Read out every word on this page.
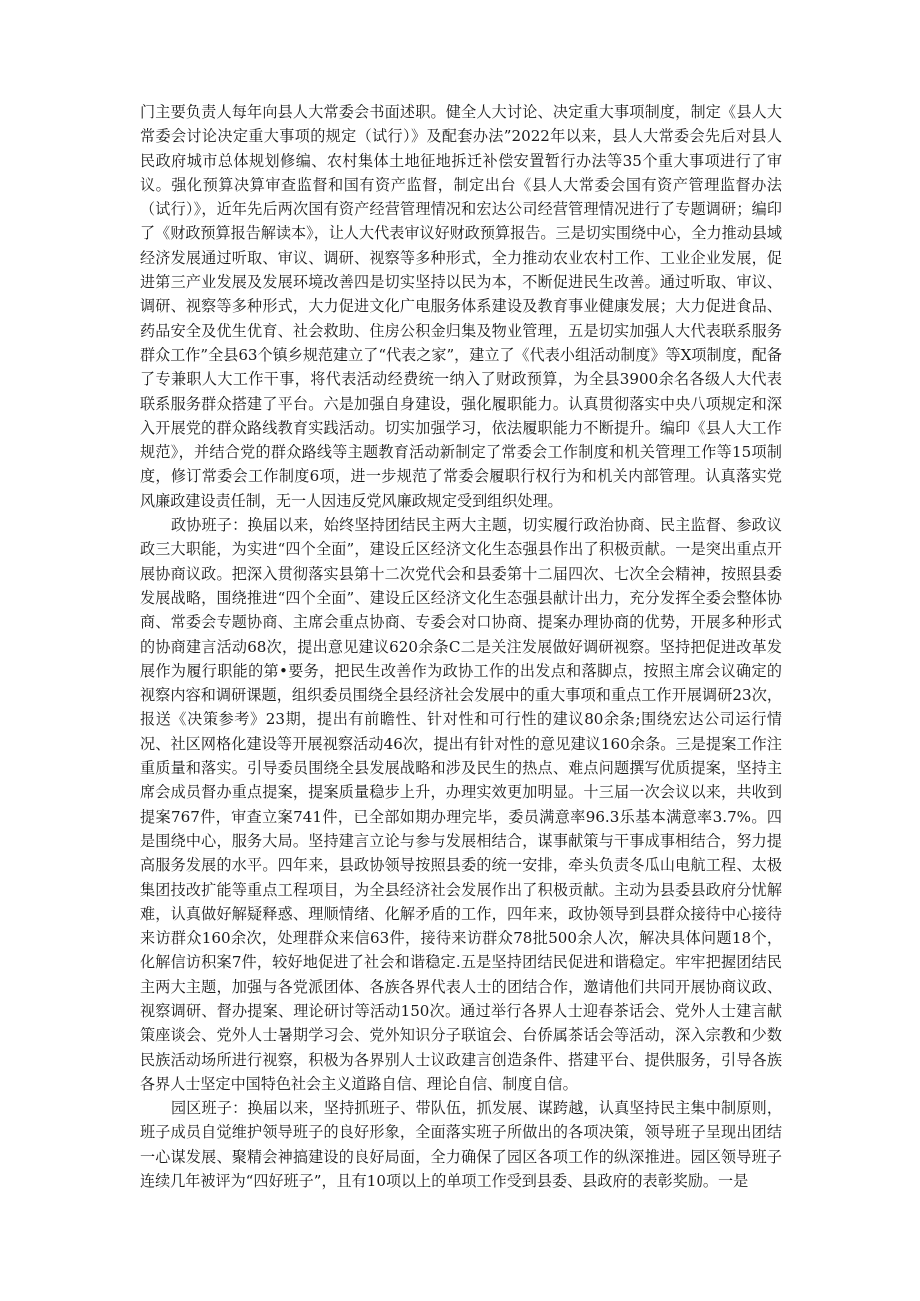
门主要负责人每年向县人大常委会书面述职。健全人大讨论、决定重大事项制度，制定《县人大常委会讨论决定重大事项的规定（试行）》及配套办法”2022年以来，县人大常委会先后对县人民政府城市总体规划修编、农村集体土地征地拆迁补偿安置暂行办法等35个重大事项进行了审议。强化预算决算审查监督和国有资产监督，制定出台《县人大常委会国有资产管理监督办法（试行）》，近年先后两次国有资产经营管理情况和宏达公司经营管理情况进行了专题调研；编印了《财政预算报告解读本》，让人大代表审议好财政预算报告。三是切实围绕中心，全力推动县域经济发展通过听取、审议、调研、视察等多种形式，全力推动农业农村工作、工业企业发展，促进第三产业发展及发展环境改善四是切实坚持以民为本，不断促进民生改善。通过听取、审议、调研、视察等多种形式，大力促进文化广电服务体系建设及教育事业健康发展；大力促进食品、药品安全及优生优育、社会救助、住房公积金归集及物业管理，五是切实加强人大代表联系服务群众工作”全县63个镇乡规范建立了“代表之家”，建立了《代表小组活动制度》等X项制度，配备了专兼职人大工作干事，将代表活动经费统一纳入了财政预算，为全县3900余名各级人大代表联系服务群众搭建了平台。六是加强自身建设，强化履职能力。认真贯彻落实中央八项规定和深入开展党的群众路线教育实践活动。切实加强学习，依法履职能力不断提升。编印《县人大工作规范》，并结合党的群众路线等主题教育活动新制定了常委会工作制度和机关管理工作等15项制度，修订常委会工作制度6项，进一步规范了常委会履职行权行为和机关内部管理。认真落实党风廉政建设责任制，无一人因违反党风廉政规定受到组织处理。

政协班子：换届以来，始终坚持团结民主两大主题，切实履行政治协商、民主监督、参政议政三大职能，为实进“四个全面”，建设丘区经济文化生态强县作出了积极贡献。一是突出重点开展协商议政。把深入贯彻落实县第十二次党代会和县委第十二届四次、七次全会精神，按照县委发展战略，围绕推进“四个全面”、建设丘区经济文化生态强县献计出力，充分发挥全委会整体协商、常委会专题协商、主席会重点协商、专委会对口协商、提案办理协商的优势，开展多种形式的协商建言活动68次，提出意见建议620余条C二是关注发展做好调研视察。坚持把促进改革发展作为履行职能的第•要务，把民生改善作为政协工作的出发点和落脚点，按照主席会议确定的视察内容和调研课题，组织委员围绕全县经济社会发展中的重大事项和重点工作开展调研23次，报送《决策参考》23期，提出有前瞻性、针对性和可行性的建议80余条;围绕宏达公司运行情况、社区网格化建设等开展视察活动46次，提出有针对性的意见建议160余条。三是提案工作注重质量和落实。引导委员围绕全县发展战略和涉及民生的热点、难点问题撰写优质提案，坚持主席会成员督办重点提案，提案质量稳步上升，办理实效更加明显。十三届一次会议以来，共收到提案767件，审查立案741件，已全部如期办理完毕，委员满意率96.3乐基本满意率3.7%。四是围绕中心，服务大局。坚持建言立论与参与发展相结合，谋事献策与干事成事相结合，努力提高服务发展的水平。四年来，县政协领导按照县委的统一安排，牵头负责冬瓜山电航工程、太极集团技改扩能等重点工程项目，为全县经济社会发展作出了积极贡献。主动为县委县政府分忧解难，认真做好解疑释惑、理顺情绪、化解矛盾的工作，四年来，政协领导到县群众接待中心接待来访群众160余次，处理群众来信63件，接待来访群众78批500余人次，解决具体问题18个，化解信访积案7件，较好地促进了社会和谐稳定.五是坚持团结民促进和谐稳定。牢牢把握团结民主两大主题，加强与各党派团体、各族各界代表人士的团结合作，邀请他们共同开展协商议政、视察调研、督办提案、理论研讨等活动150次。通过举行各界人士迎春茶话会、党外人士建言献策座谈会、党外人士暑期学习会、党外知识分子联谊会、台侨属茶话会等活动，深入宗教和少数民族活动场所进行视察，积极为各界别人士议政建言创造条件、搭建平台、提供服务，引导各族各界人士坚定中国特色社会主义道路自信、理论自信、制度自信。

园区班子：换届以来，坚持抓班子、带队伍，抓发展、谋跨越，认真坚持民主集中制原则，班子成员自觉维护领导班子的良好形象，全面落实班子所做出的各项决策，领导班子呈现出团结一心谋发展、聚精会神搞建设的良好局面，全力确保了园区各项工作的纵深推进。园区领导班子连续几年被评为“四好班子”，且有10项以上的单项工作受到县委、县政府的表彰奖励。一是
